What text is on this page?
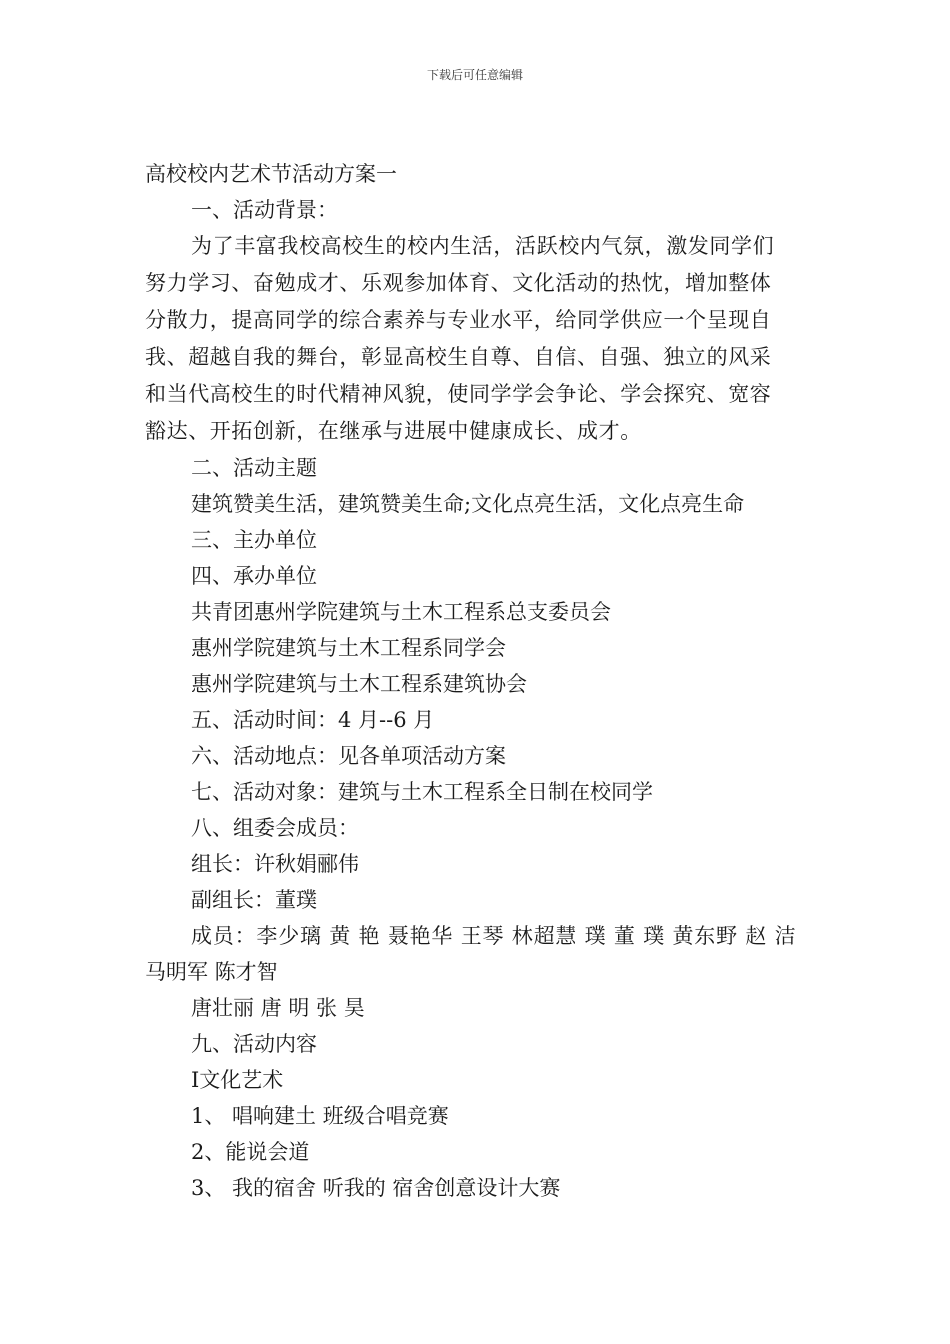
下载后可任意编辑
高校校内艺术节活动方案一
一、活动背景：
为了丰富我校高校生的校内生活，活跃校内气氛，激发同学们
努力学习、奋勉成才、乐观参加体育、文化活动的热忱，增加整体
分散力，提高同学的综合素养与专业水平，给同学供应一个呈现自
我、超越自我的舞台，彰显高校生自尊、自信、自强、独立的风采
和当代高校生的时代精神风貌，使同学学会争论、学会探究、宽容
豁达、开拓创新，在继承与进展中健康成长、成才。
二、活动主题
建筑赞美生活，建筑赞美生命;文化点亮生活，文化点亮生命
三、主办单位
四、承办单位
共青团惠州学院建筑与土木工程系总支委员会
惠州学院建筑与土木工程系同学会
惠州学院建筑与土木工程系建筑协会
五、活动时间：4 月--6 月
六、活动地点：见各单项活动方案
七、活动对象：建筑与土木工程系全日制在校同学
八、组委会成员：
组长：许秋娟郦伟
副组长：董璞
成员：李少璃 黄 艳 聂艳华 王琴 林超慧 璞 董 璞 黄东野 赵 洁
马明军 陈才智
唐壮丽 唐 明 张 昊
九、活动内容
Ⅰ文化艺术
1、 唱响建土 班级合唱竞赛
2、能说会道
3、 我的宿舍 听我的 宿舍创意设计大赛
